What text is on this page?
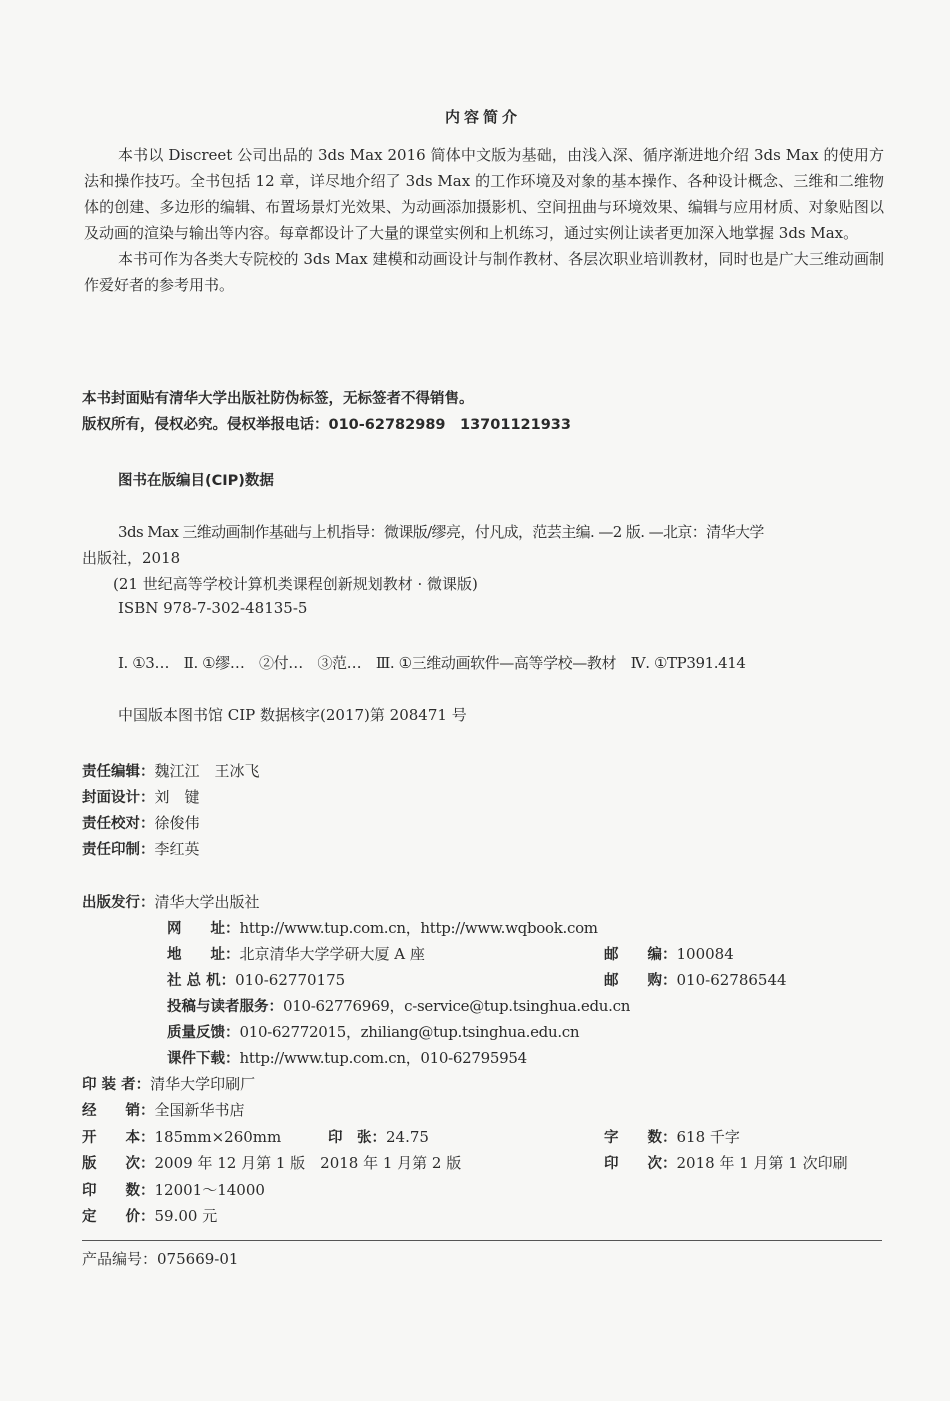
内容简介

本书以 Discreet 公司出品的 3ds Max 2016 简体中文版为基础，由浅入深、循序渐进地介绍 3ds Max 的使用方法和操作技巧。全书包括 12 章，详尽地介绍了 3ds Max 的工作环境及对象的基本操作、各种设计概念、三维和二维物体的创建、多边形的编辑、布置场景灯光效果、为动画添加摄影机、空间扭曲与环境效果、编辑与应用材质、对象贴图以及动画的渲染与输出等内容。每章都设计了大量的课堂实例和上机练习，通过实例让读者更加深入地掌握 3ds Max。

本书可作为各类大专院校的 3ds Max 建模和动画设计与制作教材、各层次职业培训教材，同时也是广大三维动画制作爱好者的参考用书。

本书封面贴有清华大学出版社防伪标签，无标签者不得销售。
版权所有，侵权必究。侵权举报电话：010-62782989　13701121933
图书在版编目(CIP)数据
3ds Max 三维动画制作基础与上机指导：微课版/缪亮，付凡成，范芸主编. —2 版. —北京：清华大学
出版社，2018
(21 世纪高等学校计算机类课程创新规划教材 · 微课版)
ISBN 978-7-302-48135-5
Ⅰ. ①3…　Ⅱ. ①缪…　②付…　③范…　Ⅲ. ①三维动画软件—高等学校—教材　Ⅳ. ①TP391.414
中国版本图书馆 CIP 数据核字(2017)第 208471 号
责任编辑：魏江江　王冰飞
封面设计：刘　键
责任校对：徐俊伟
责任印制：李红英
出版发行：清华大学出版社
网　　址：http://www.tup.com.cn，http://www.wqbook.com
地　　址：北京清华大学学研大厦 A 座	邮　　编：100084
社 总 机：010-62770175	邮　　购：010-62786544
投稿与读者服务：010-62776969，c-service@tup.tsinghua.edu.cn
质量反馈：010-62772015，zhiliang@tup.tsinghua.edu.cn
课件下载：http://www.tup.com.cn，010-62795954
印 装 者：清华大学印刷厂
经　　销：全国新华书店
开　　本：185mm×260mm	印　张：24.75	字　　数：618 千字
版　　次：2009 年 12 月第 1 版　2018 年 1 月第 2 版	印　　次：2018 年 1 月第 1 次印刷
印　　数：12001～14000
定　　价：59.00 元
产品编号：075669-01
